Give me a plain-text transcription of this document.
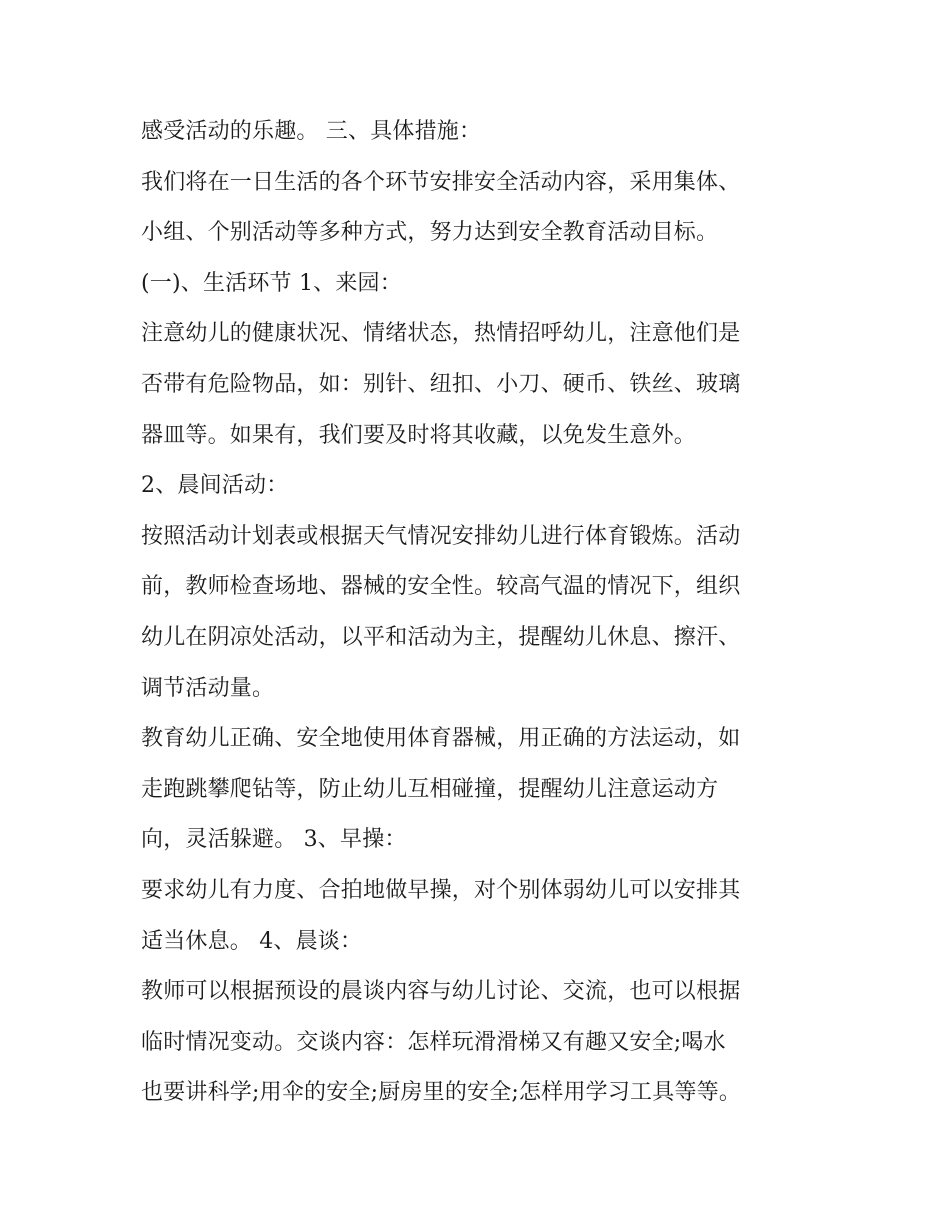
感受活动的乐趣。 三、具体措施：
我们将在一日生活的各个环节安排安全活动内容，采用集体、
小组、个别活动等多种方式，努力达到安全教育活动目标。
(一)、生活环节 1、来园：
注意幼儿的健康状况、情绪状态，热情招呼幼儿，注意他们是
否带有危险物品，如：别针、纽扣、小刀、硬币、铁丝、玻璃
器皿等。如果有，我们要及时将其收藏，以免发生意外。
2、晨间活动：
按照活动计划表或根据天气情况安排幼儿进行体育锻炼。活动
前，教师检查场地、器械的安全性。较高气温的情况下，组织
幼儿在阴凉处活动，以平和活动为主，提醒幼儿休息、擦汗、
调节活动量。
教育幼儿正确、安全地使用体育器械，用正确的方法运动，如
走跑跳攀爬钻等，防止幼儿互相碰撞，提醒幼儿注意运动方
向，灵活躲避。 3、早操：
要求幼儿有力度、合拍地做早操，对个别体弱幼儿可以安排其
适当休息。 4、晨谈：
教师可以根据预设的晨谈内容与幼儿讨论、交流，也可以根据
临时情况变动。交谈内容：怎样玩滑滑梯又有趣又安全;喝水
也要讲科学;用伞的安全;厨房里的安全;怎样用学习工具等等。
